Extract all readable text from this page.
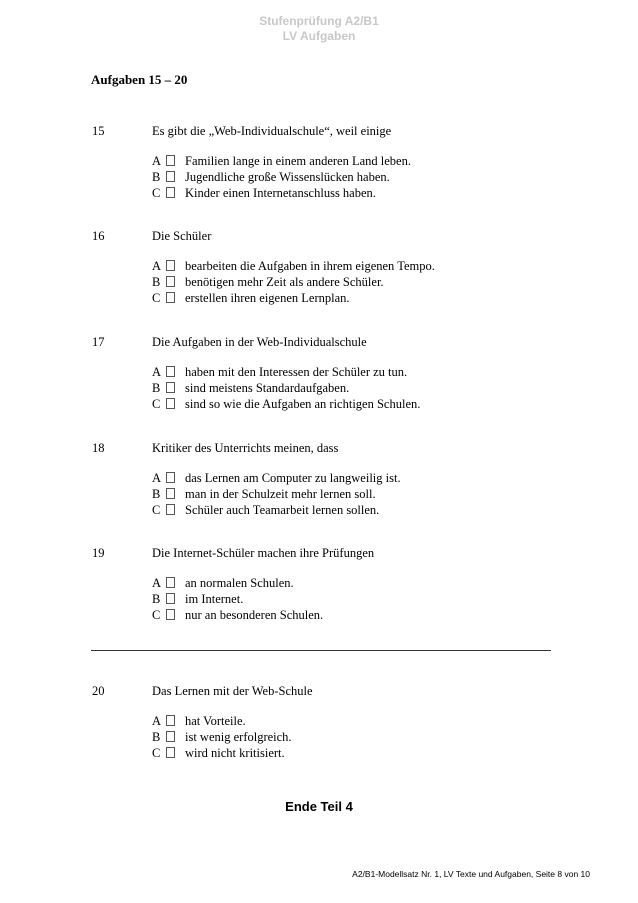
Stufenprüfung A2/B1
LV Aufgaben
Aufgaben 15 – 20
15	Es gibt die „Web-Individualschule“, weil einige
A Familien lange in einem anderen Land leben.
B Jugendliche große Wissenslücken haben.
C Kinder einen Internetanschluss haben.
16	Die Schüler
A bearbeiten die Aufgaben in ihrem eigenen Tempo.
B benötigen mehr Zeit als andere Schüler.
C erstellen ihren eigenen Lernplan.
17	Die Aufgaben in der Web-Individualschule
A haben mit den Interessen der Schüler zu tun.
B sind meistens Standardaufgaben.
C sind so wie die Aufgaben an richtigen Schulen.
18	Kritiker des Unterrichts meinen, dass
A das Lernen am Computer zu langweilig ist.
B man in der Schulzeit mehr lernen soll.
C Schüler auch Teamarbeit lernen sollen.
19	Die Internet-Schüler machen ihre Prüfungen
A an normalen Schulen.
B im Internet.
C nur an besonderen Schulen.
20	Das Lernen mit der Web-Schule
A hat Vorteile.
B ist wenig erfolgreich.
C wird nicht kritisiert.
Ende Teil 4
A2/B1-Modellsatz Nr. 1, LV Texte und Aufgaben, Seite 8 von 10
